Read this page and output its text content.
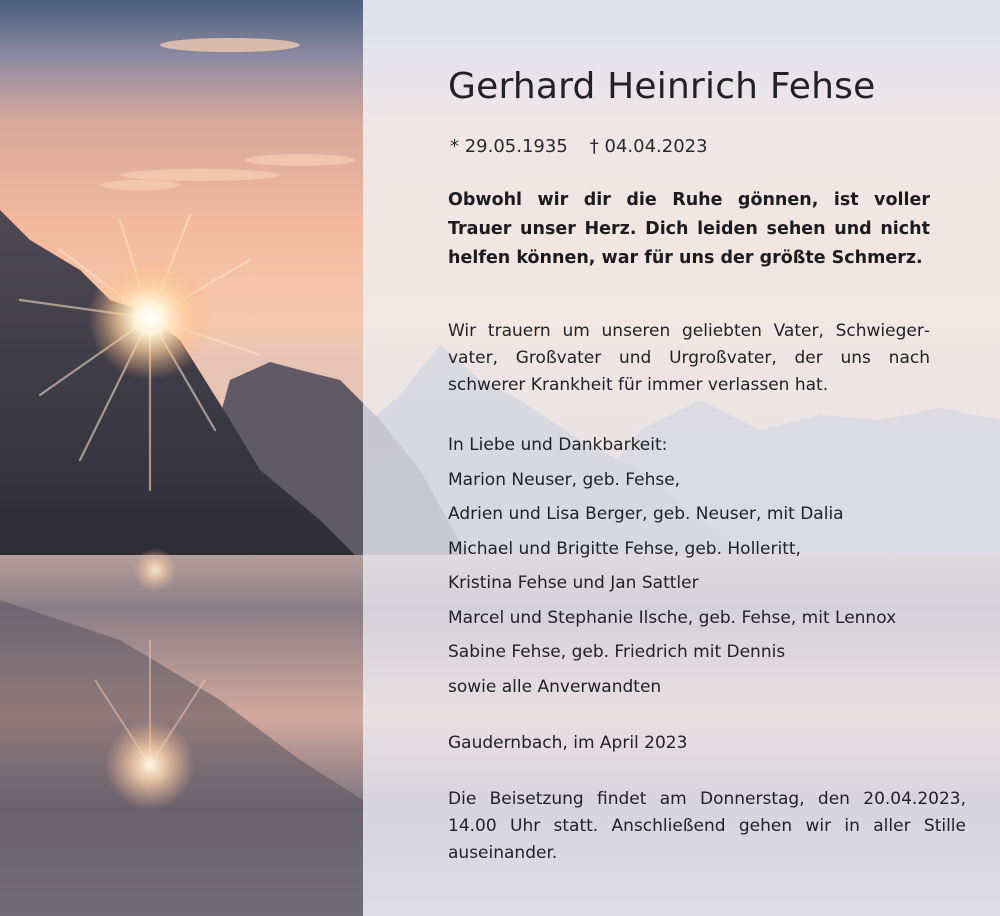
Gerhard Heinrich Fehse
* 29.05.1935 † 04.04.2023

Obwohl wir dir die Ruhe gönnen, ist voller Trauer unser Herz. Dich leiden sehen und nicht helfen können, war für uns der größte Schmerz.

Wir trauern um unseren geliebten Vater, Schwiegervater, Großvater und Urgroßvater, der uns nach schwerer Krankheit für immer verlassen hat.

In Liebe und Dankbarkeit:
Marion Neuser, geb. Fehse,
Adrien und Lisa Berger, geb. Neuser, mit Dalia
Michael und Brigitte Fehse, geb. Holleritt,
Kristina Fehse und Jan Sattler
Marcel und Stephanie Ilsche, geb. Fehse, mit Lennox
Sabine Fehse, geb. Friedrich mit Dennis
sowie alle Anverwandten
Gaudernbach, im April 2023

Die Beisetzung findet am Donnerstag, den 20.04.2023, 14.00 Uhr statt. Anschließend gehen wir in aller Stille auseinander.
